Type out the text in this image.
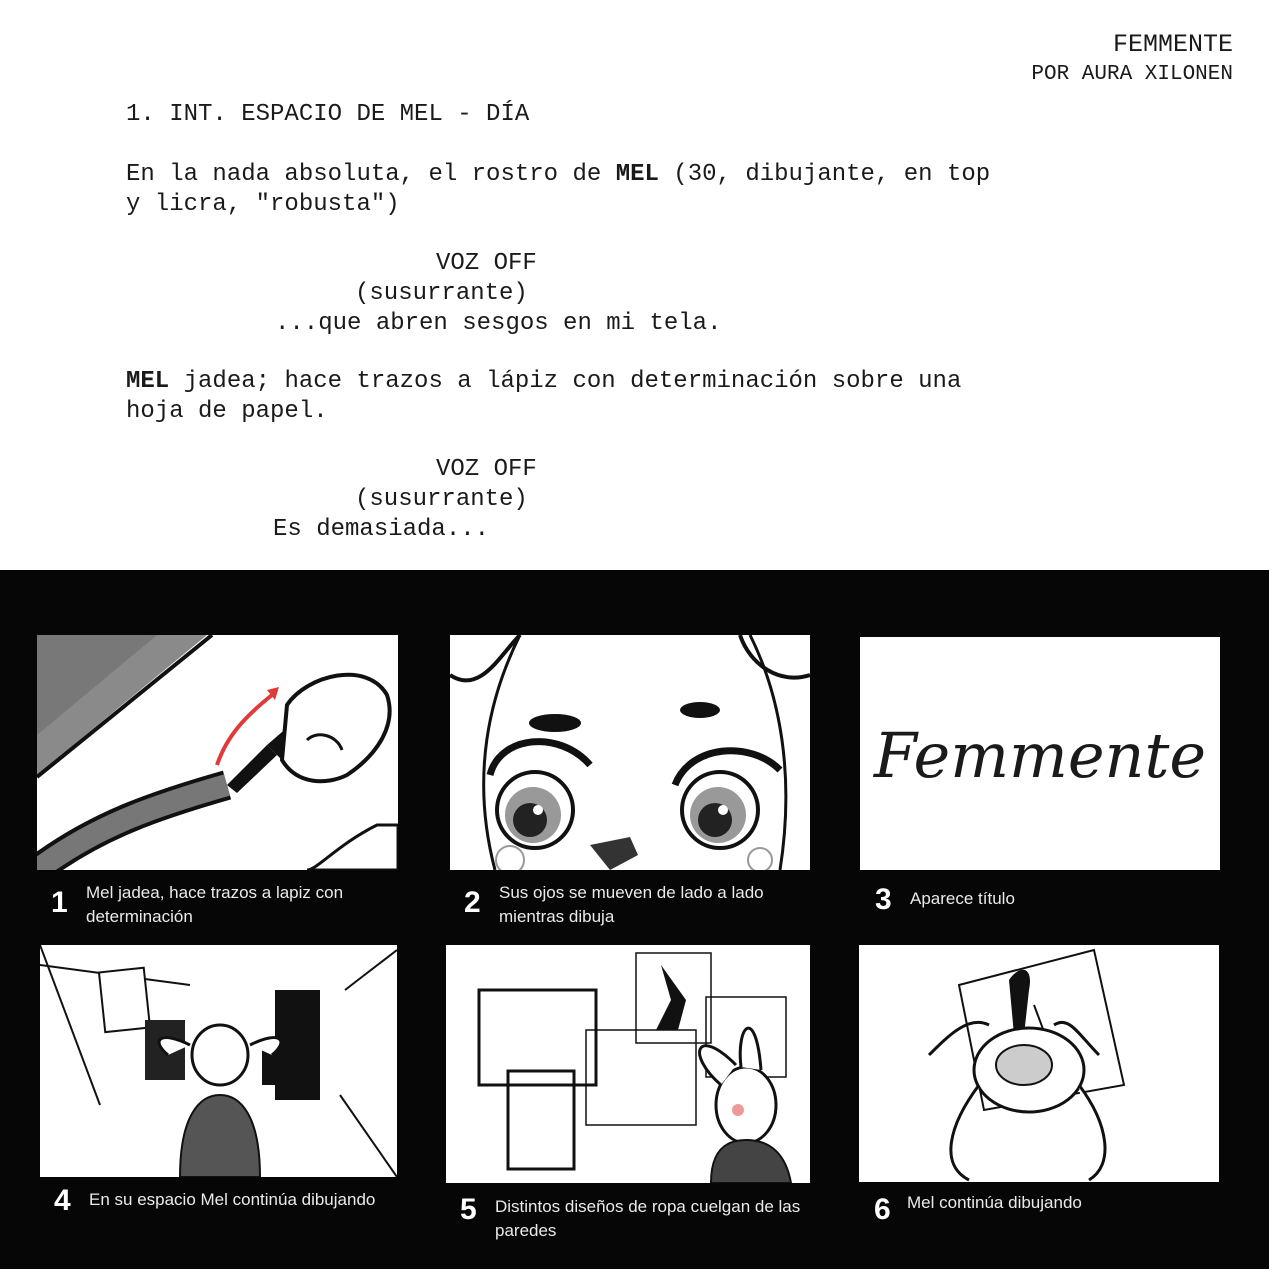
FEMMENTE
POR AURA XILONEN
1. INT. ESPACIO DE MEL - DÍA
En la nada absoluta, el rostro de MEL (30, dibujante, en top
y licra, "robusta")
VOZ OFF
(susurrante)
...que abren sesgos en mi tela.
MEL jadea; hace trazos a lápiz con determinación sobre una
hoja de papel.
VOZ OFF
(susurrante)
Es demasiada...
1 Mel jadea, hace trazos a lapiz con determinación	2 Sus ojos se mueven de lado a lado mientras dibuja
Femmente
3 Aparece título
4 En su espacio Mel continúa dibujando	5 Distintos diseños de ropa cuelgan de las paredes
6 Mel continúa dibujando
